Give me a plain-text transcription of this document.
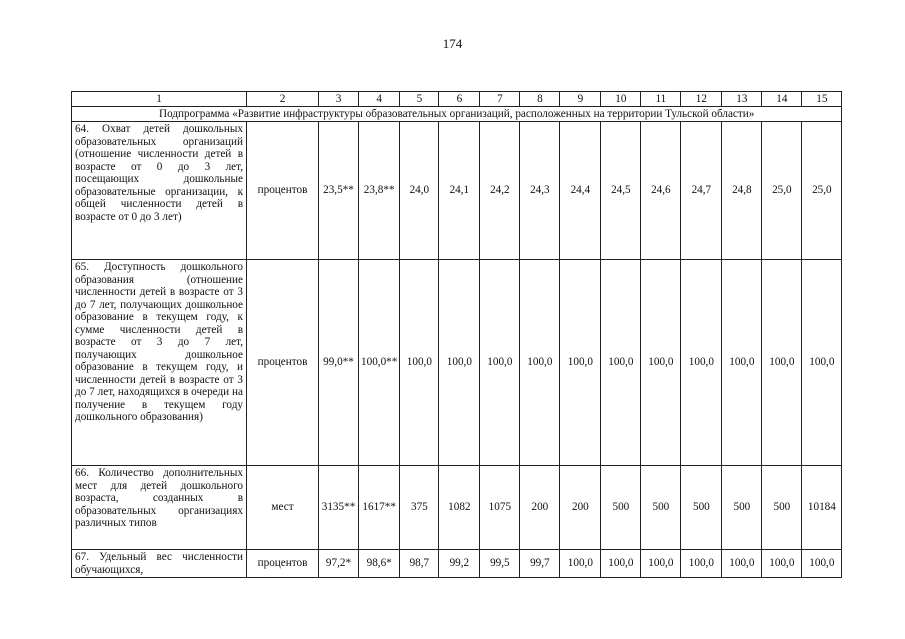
174
1	2	3	4	5	6	7	8	9	10	11	12	13	14	15
Подпрограмма «Развитие инфраструктуры образовательных организаций, расположенных на территории Тульской области»														
64. Охват детей дошкольных образовательных организаций (отношение численности детей в возрасте от 0 до 3 лет, посещающих дошкольные образовательные организации, к общей численности детей в возрасте от 0 до 3 лет)	процентов	23,5**	23,8**	24,0	24,1	24,2	24,3	24,4	24,5	24,6	24,7	24,8	25,0	25,0
65. Доступность дошкольного образования (отношение численности детей в возрасте от 3 до 7 лет, получающих дошкольное образование в текущем году, к сумме численности детей в возрасте от 3 до 7 лет, получающих дошкольное образование в текущем году, и численности детей в возрасте от 3 до 7 лет, находящихся в очереди на получение в текущем году дошкольного образования)	процентов	99,0**	100,0**	100,0	100,0	100,0	100,0	100,0	100,0	100,0	100,0	100,0	100,0	100,0
66. Количество дополнительных мест для детей дошкольного возраста, созданных в образовательных организациях различных типов	мест	3135**	1617**	375	1082	1075	200	200	500	500	500	500	500	10184
67. Удельный вес численности обучающихся,	процентов	97,2*	98,6*	98,7	99,2	99,5	99,7	100,0	100,0	100,0	100,0	100,0	100,0	100,0
